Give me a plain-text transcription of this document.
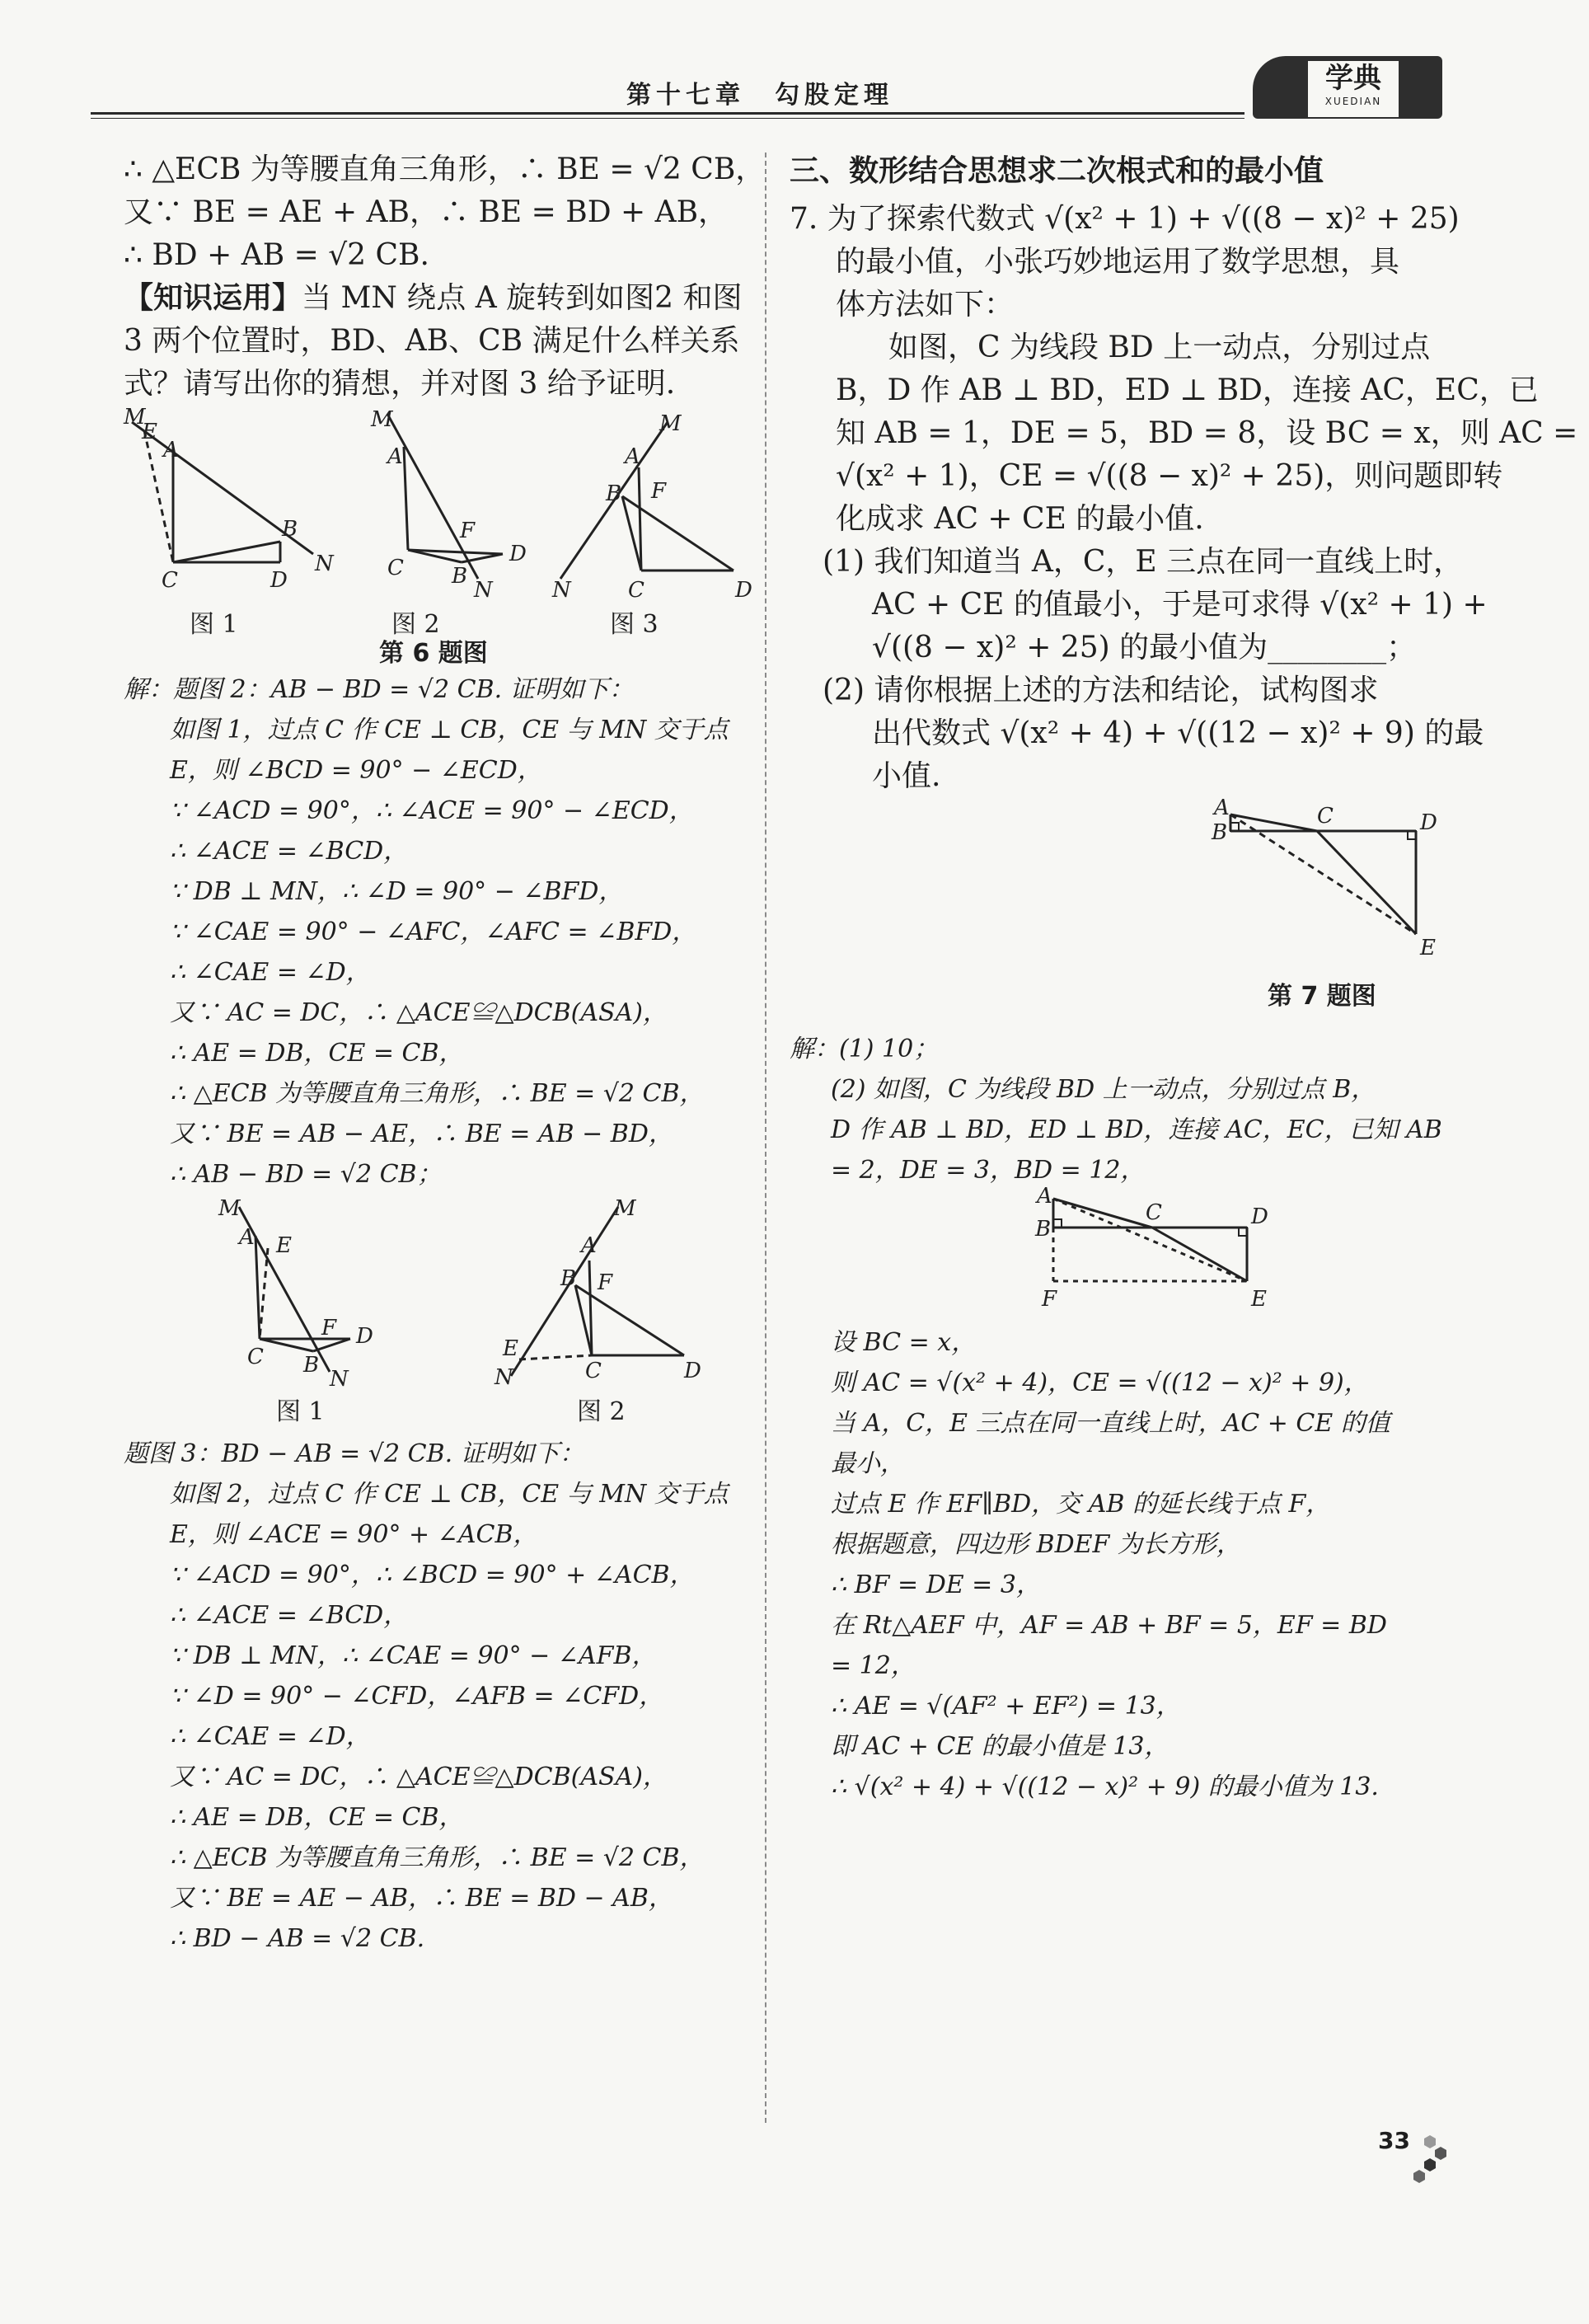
第十七章　勾股定理
学典
XUEDIAN
∴ △ECB 为等腰直角三角形，∴ BE = √2 CB，
又∵ BE = AE + AB，∴ BE = BD + AB，
∴ BD + AB = √2 CB.
【知识运用】当 MN 绕点 A 旋转到如图2 和图
3 两个位置时，BD、AB、CB 满足什么样关系
式？请写出你的猜想，并对图 3 给予证明.
M
E
A
B
C	D
N
M
A
F
D
C B
N
M
A
B F
N	C	D
图 1	图 2	图 3
第 6 题图
解：题图 2：AB − BD = √2 CB. 证明如下：
如图 1，过点 C 作 CE ⊥ CB，CE 与 MN 交于点
E，则 ∠BCD = 90° − ∠ECD，
∵ ∠ACD = 90°，∴ ∠ACE = 90° − ∠ECD，
∴ ∠ACE = ∠BCD，
∵ DB ⊥ MN，∴ ∠D = 90° − ∠BFD，
∵ ∠CAE = 90° − ∠AFC，∠AFC = ∠BFD，
∴ ∠CAE = ∠D，
又∵ AC = DC，∴ △ACE≌△DCB(ASA)，
∴ AE = DB，CE = CB，
∴ △ECB 为等腰直角三角形，∴ BE = √2 CB，
又∵ BE = AB − AE，∴ BE = AB − BD，
∴ AB − BD = √2 CB；
M
A E
F D
C B
N
M
A
B F
E
C	D
N
图 1	图 2
题图 3：BD − AB = √2 CB. 证明如下：
如图 2，过点 C 作 CE ⊥ CB，CE 与 MN 交于点
E，则 ∠ACE = 90° + ∠ACB，
∵ ∠ACD = 90°，∴ ∠BCD = 90° + ∠ACB，
∴ ∠ACE = ∠BCD，
∵ DB ⊥ MN，∴ ∠CAE = 90° − ∠AFB，
∵ ∠D = 90° − ∠CFD，∠AFB = ∠CFD，
∴ ∠CAE = ∠D，
又∵ AC = DC，∴ △ACE≌△DCB(ASA)，
∴ AE = DB，CE = CB，
∴ △ECB 为等腰直角三角形，∴ BE = √2 CB，
又∵ BE = AE − AB，∴ BE = BD − AB，
∴ BD − AB = √2 CB.
三、数形结合思想求二次根式和的最小值
7. 为了探索代数式 √(x² + 1) + √((8 − x)² + 25)
的最小值，小张巧妙地运用了数学思想，具
体方法如下：
如图，C 为线段 BD 上一动点，分别过点
B，D 作 AB ⊥ BD，ED ⊥ BD，连接 AC，EC，已
知 AB = 1，DE = 5，BD = 8，设 BC = x，则 AC =
√(x² + 1)，CE = √((8 − x)² + 25)，则问题即转
化成求 AC + CE 的最小值.
(1) 我们知道当 A，C，E 三点在同一直线上时，
AC + CE 的值最小，于是可求得 √(x² + 1) +
√((8 − x)² + 25) 的最小值为________；
(2) 请你根据上述的方法和结论，试构图求
出代数式 √(x² + 4) + √((12 − x)² + 9) 的最
小值.
A
B
C	D
E
第 7 题图
解：(1) 10；
(2) 如图，C 为线段 BD 上一动点，分别过点 B，
D 作 AB ⊥ BD，ED ⊥ BD，连接 AC，EC，已知 AB
= 2，DE = 3，BD = 12，
A
B
C	D
E
F
设 BC = x，
则 AC = √(x² + 4)，CE = √((12 − x)² + 9)，
当 A，C，E 三点在同一直线上时，AC + CE 的值
最小，
过点 E 作 EF∥BD，交 AB 的延长线于点 F，
根据题意，四边形 BDEF 为长方形，
∴ BF = DE = 3，
在 Rt△AEF 中，AF = AB + BF = 5，EF = BD
= 12，
∴ AE = √(AF² + EF²) = 13，
即 AC + CE 的最小值是 13，
∴ √(x² + 4) + √((12 − x)² + 9) 的最小值为 13.
33
